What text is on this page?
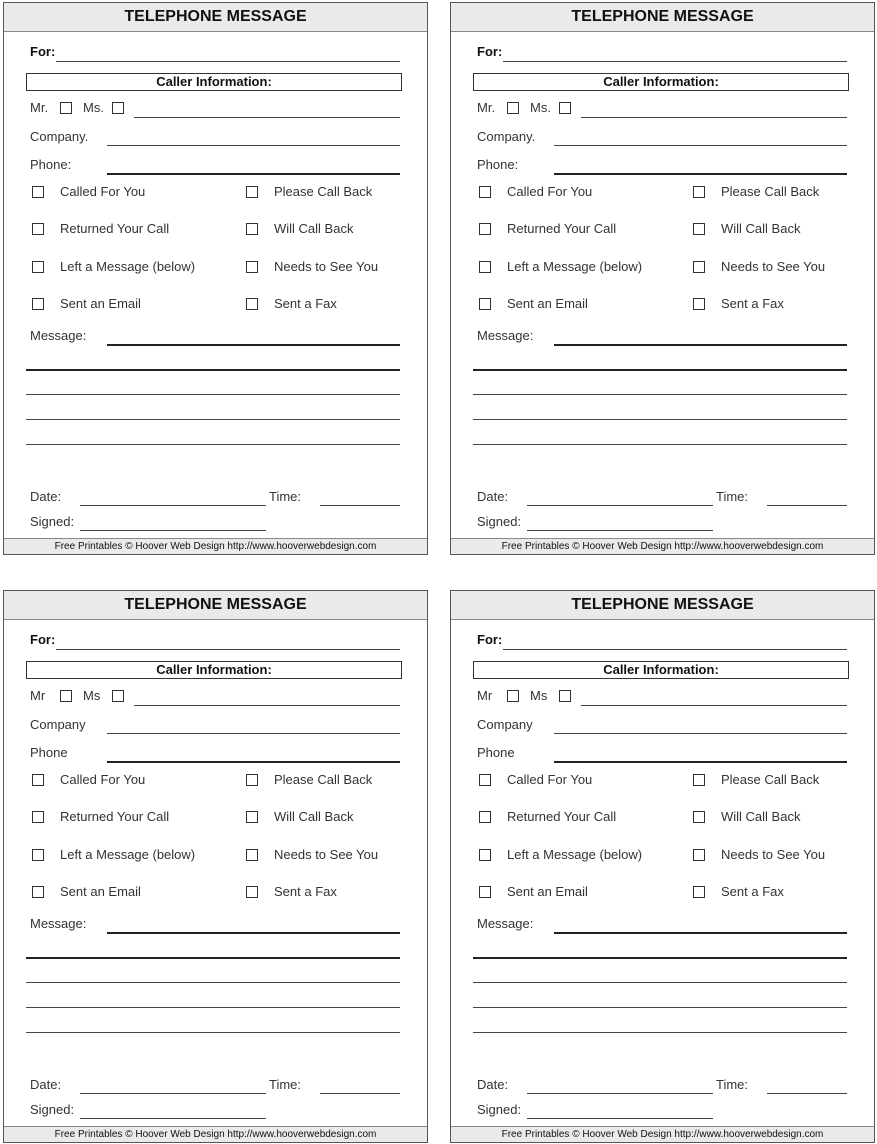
TELEPHONE MESSAGE
For:
Caller Information:
Mr.	Ms.
Company.
Phone:
Called For You	Please Call Back
Returned Your Call	Will Call Back
Left a Message (below)	Needs to See You
Sent an Email	Sent a Fax
Message:
Date:	Time:
Signed:
Free Printables © Hoover Web Design http://www.hooverwebdesign.com
TELEPHONE MESSAGE
For:
Caller Information:
Mr.	Ms.
Company.
Phone:
Called For You	Please Call Back
Returned Your Call	Will Call Back
Left a Message (below)	Needs to See You
Sent an Email	Sent a Fax
Message:
Date:	Time:
Signed:
Free Printables © Hoover Web Design http://www.hooverwebdesign.com
TELEPHONE MESSAGE
For:
Caller Information:
Mr	Ms
Company
Phone
Called For You	Please Call Back
Returned Your Call	Will Call Back
Left a Message (below)	Needs to See You
Sent an Email	Sent a Fax
Message:
Date:	Time:
Signed:
Free Printables © Hoover Web Design http://www.hooverwebdesign.com
TELEPHONE MESSAGE
For:
Caller Information:
Mr	Ms
Company
Phone
Called For You	Please Call Back
Returned Your Call	Will Call Back
Left a Message (below)	Needs to See You
Sent an Email	Sent a Fax
Message:
Date:	Time:
Signed:
Free Printables © Hoover Web Design http://www.hooverwebdesign.com
